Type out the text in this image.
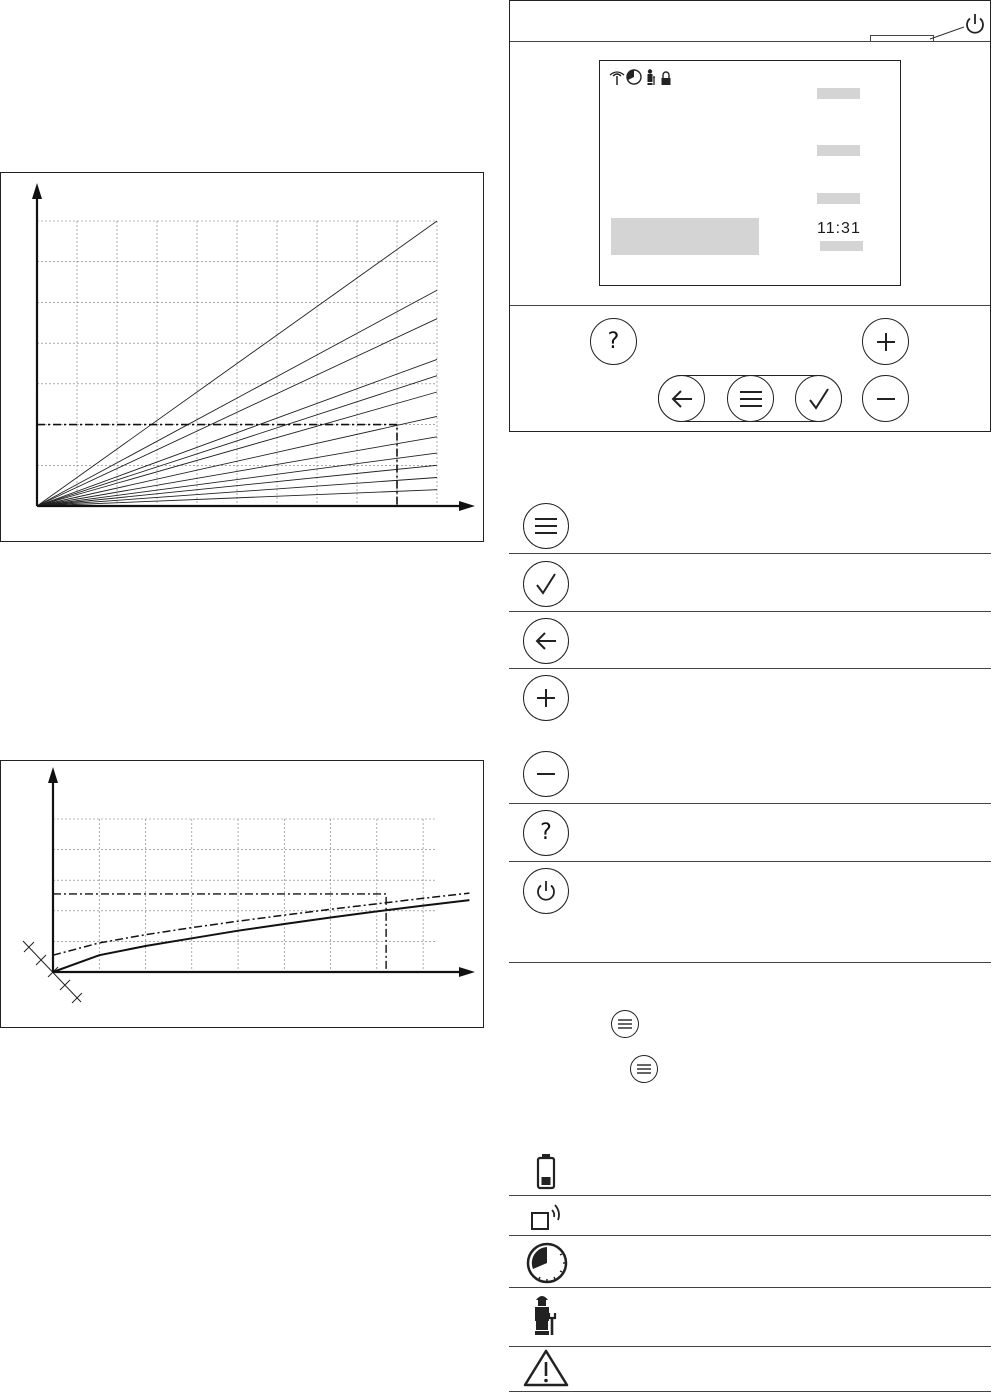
11:31
?
?
